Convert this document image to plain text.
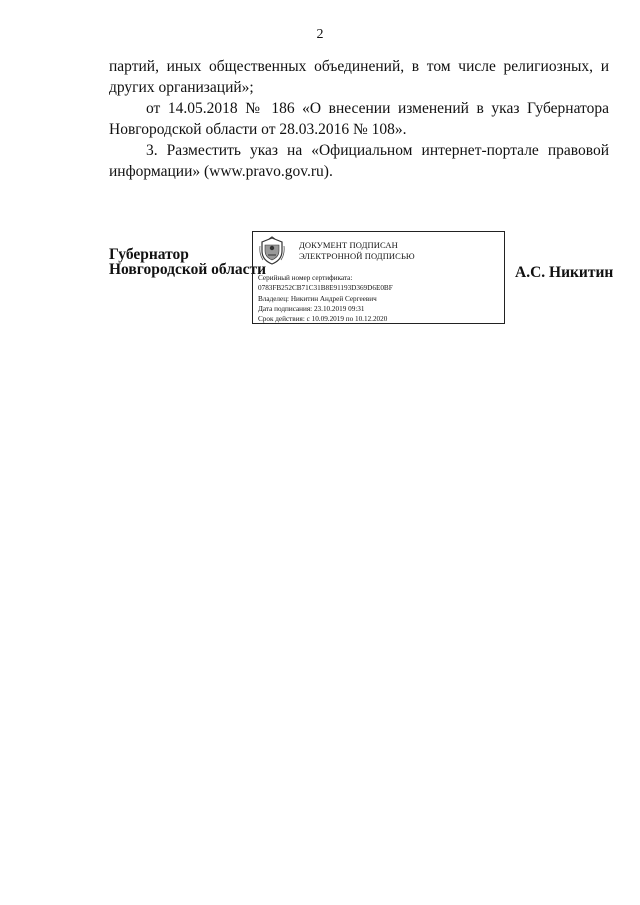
2

партий, иных общественных объединений, в том числе религиозных, и других организаций»;

от 14.05.2018 № 186 «О внесении изменений в указ Губернатора Новгородской области от 28.03.2016 № 108».

3. Разместить указ на «Официальном интернет-портале правовой информации» (www.pravo.gov.ru).

Губернатор
Новгородской области
ДОКУМЕНТ ПОДПИСАН
ЭЛЕКТРОННОЙ ПОДПИСЬЮ
Серийный номер сертификата:
0783FB252CB71C31B8E91193D369D6E0BF
Владелец: Никитин Андрей Сергеевич
Дата подписания: 23.10.2019 09:31
Срок действия: с 10.09.2019 по 10.12.2020
А.С. Никитин
